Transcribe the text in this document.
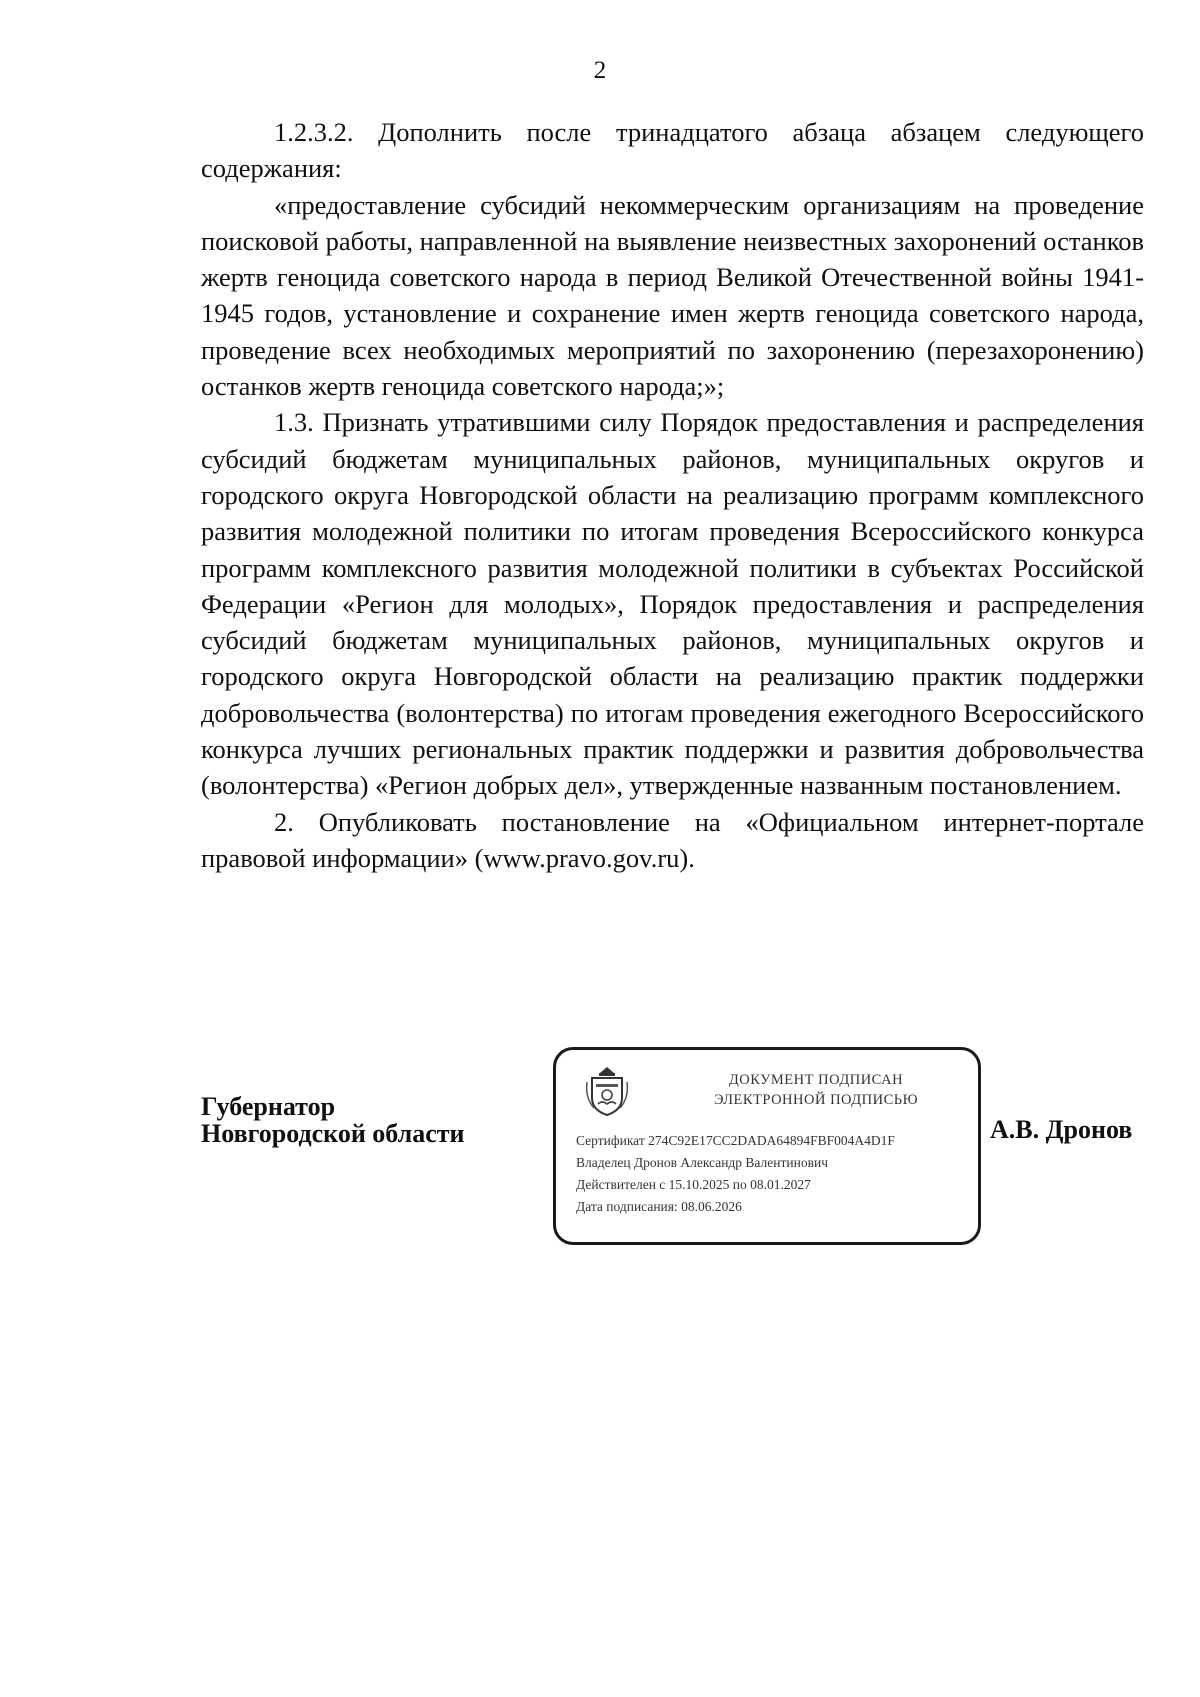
2

1.2.3.2. Дополнить после тринадцатого абзаца абзацем следующего содержания:

«предоставление субсидий некоммерческим организациям на проведение поисковой работы, направленной на выявление неизвестных захоронений останков жертв геноцида советского народа в период Великой Отечественной войны 1941-1945 годов, установление и сохранение имен жертв геноцида советского народа, проведение всех необходимых мероприятий по захоронению (перезахоронению) останков жертв геноцида советского народа;»;

1.3. Признать утратившими силу Порядок предоставления и распределения субсидий бюджетам муниципальных районов, муниципальных округов и городского округа Новгородской области на реализацию программ комплексного развития молодежной политики по итогам проведения Всероссийского конкурса программ комплексного развития молодежной политики в субъектах Российской Федерации «Регион для молодых», Порядок предоставления и распределения субсидий бюджетам муниципальных районов, муниципальных округов и городского округа Новгородской области на реализацию практик поддержки добровольчества (волонтерства) по итогам проведения ежегодного Всероссийского конкурса лучших региональных практик поддержки и развития добровольчества (волонтерства) «Регион добрых дел», утвержденные названным постановлением.

2. Опубликовать постановление на «Официальном интернет-портале правовой информации» (www.pravo.gov.ru).

Губернатор
Новгородской области
ДОКУМЕНТ ПОДПИСАН
ЭЛЕКТРОННОЙ ПОДПИСЬЮ
Сертификат 274C92E17CC2DADA64894FBF004A4D1F
Владелец Дронов Александр Валентинович
Действителен с 15.10.2025 по 08.01.2027
Дата подписания: 08.06.2026
А.В. Дронов
